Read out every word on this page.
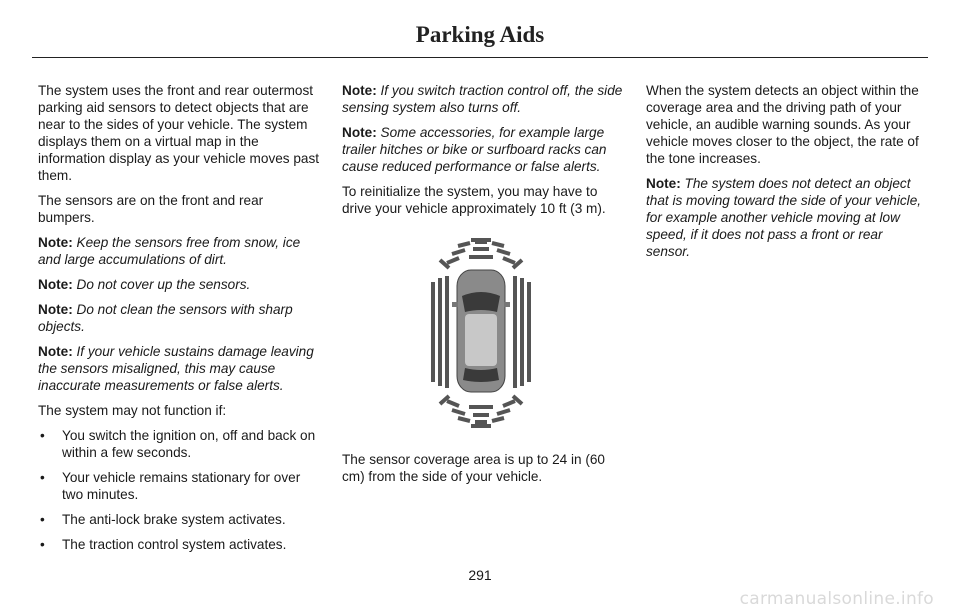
Parking Aids

The system uses the front and rear outermost parking aid sensors to detect objects that are near to the sides of your vehicle. The system displays them on a virtual map in the information display as your vehicle moves past them.

The sensors are on the front and rear bumpers.

Note: Keep the sensors free from snow, ice and large accumulations of dirt.

Note: Do not cover up the sensors.

Note: Do not clean the sensors with sharp objects.

Note: If your vehicle sustains damage leaving the sensors misaligned, this may cause inaccurate measurements or false alerts.

The system may not function if:

• You switch the ignition on, off and back on within a few seconds.
• Your vehicle remains stationary for over two minutes.
• The anti-lock brake system activates.
• The traction control system activates.

Note: If you switch traction control off, the side sensing system also turns off.

Note: Some accessories, for example large trailer hitches or bike or surfboard racks can cause reduced performance or false alerts.

To reinitialize the system, you may have to drive your vehicle approximately 10 ft (3 m).

The sensor coverage area is up to 24 in (60 cm) from the side of your vehicle.

When the system detects an object within the coverage area and the driving path of your vehicle, an audible warning sounds. As your vehicle moves closer to the object, the rate of the tone increases.

Note: The system does not detect an object that is moving toward the side of your vehicle, for example another vehicle moving at low speed, if it does not pass a front or rear sensor.

291
carmanualsonline.info
